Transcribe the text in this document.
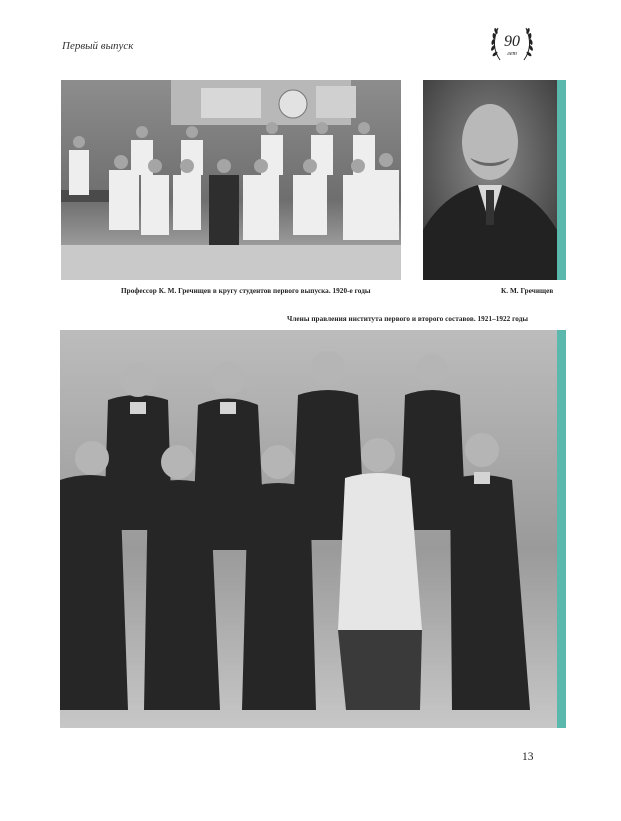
Первый выпуск	90
лет
Профессор К. М. Гречищев в кругу студентов первого выпуска. 1920-е годы	К. М. Гречищев
Члены правления института первого и второго составов. 1921–1922 годы
13
